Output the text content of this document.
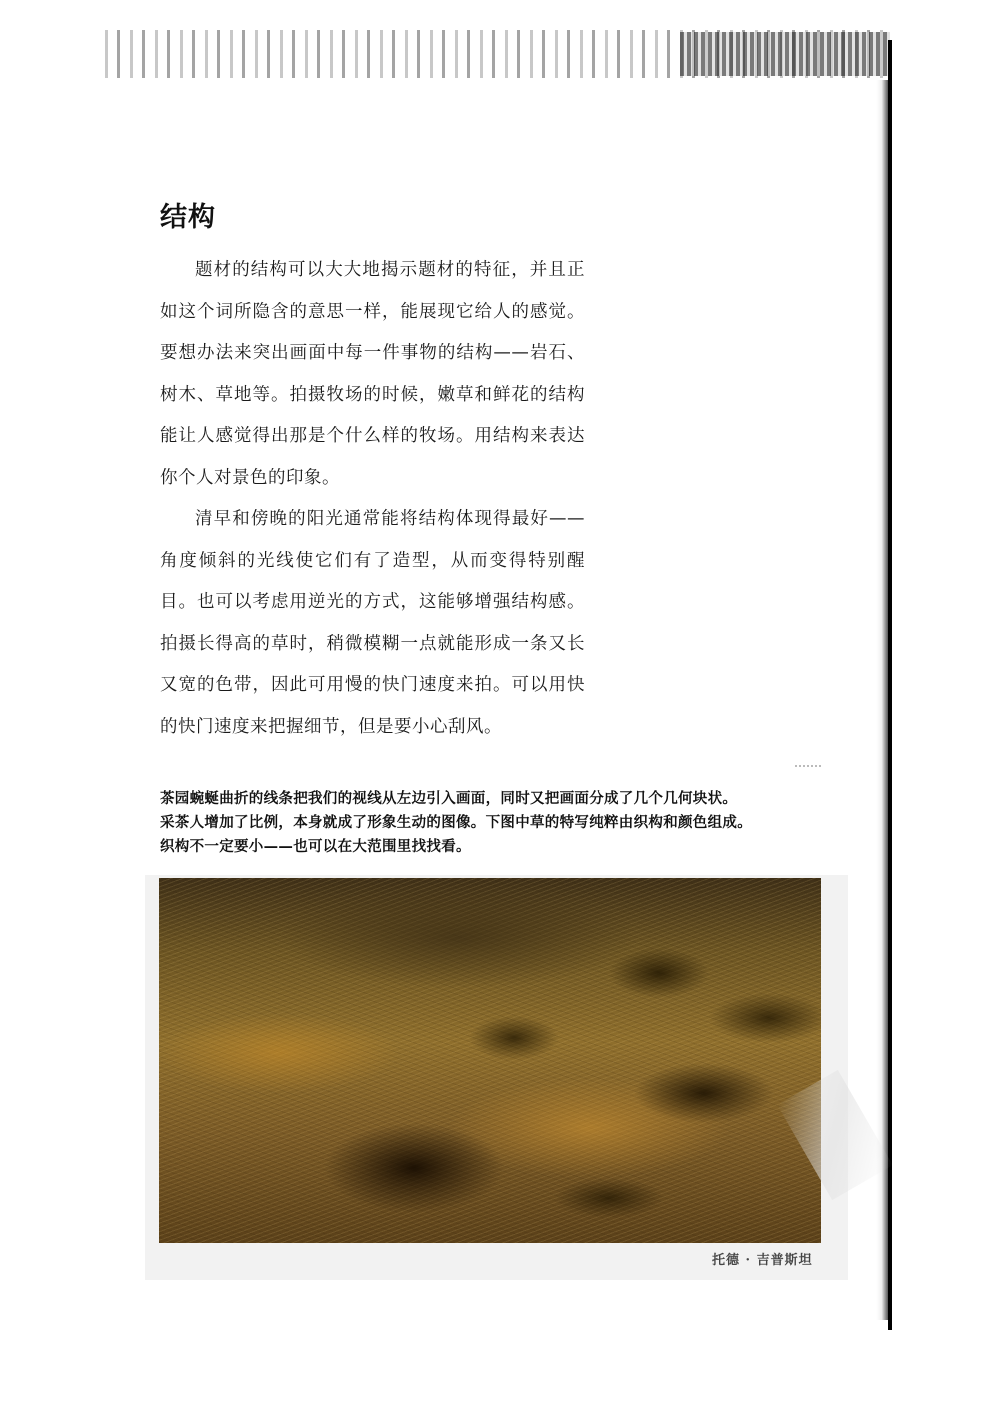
结构

题材的结构可以大大地揭示题材的特征，并且正如这个词所隐含的意思一样，能展现它给人的感觉。要想办法来突出画面中每一件事物的结构——岩石、树木、草地等。拍摄牧场的时候，嫩草和鲜花的结构能让人感觉得出那是个什么样的牧场。用结构来表达你个人对景色的印象。

清早和傍晚的阳光通常能将结构体现得最好——角度倾斜的光线使它们有了造型，从而变得特别醒目。也可以考虑用逆光的方式，这能够增强结构感。拍摄长得高的草时，稍微模糊一点就能形成一条又长又宽的色带，因此可用慢的快门速度来拍。可以用快的快门速度来把握细节，但是要小心刮风。

茶园蜿蜒曲折的线条把我们的视线从左边引入画面，同时又把画面分成了几个几何块状。
采茶人增加了比例，本身就成了形象生动的图像。下图中草的特写纯粹由织构和颜色组成。
织构不一定要小——也可以在大范围里找找看。
托德 · 吉普斯坦
